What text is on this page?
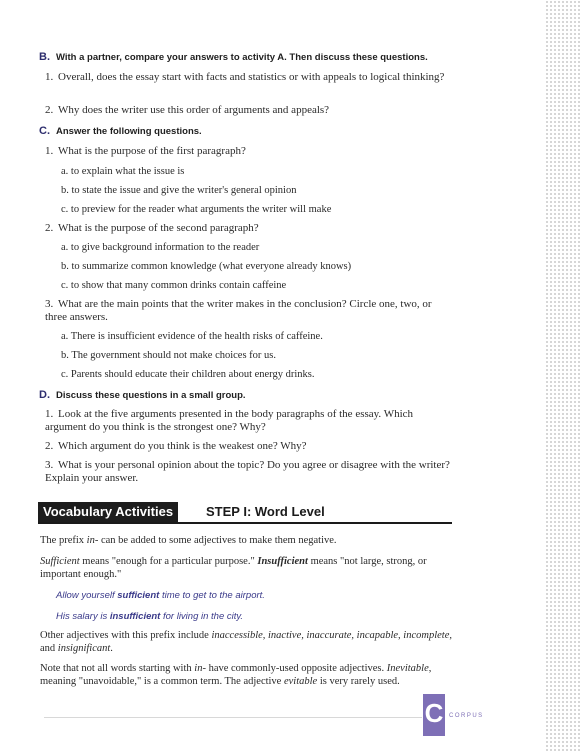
B. With a partner, compare your answers to activity A. Then discuss these questions.
1. Overall, does the essay start with facts and statistics or with appeals to logical thinking?
2. Why does the writer use this order of arguments and appeals?
C. Answer the following questions.
1. What is the purpose of the first paragraph?
a. to explain what the issue is
b. to state the issue and give the writer's general opinion
c. to preview for the reader what arguments the writer will make
2. What is the purpose of the second paragraph?
a. to give background information to the reader
b. to summarize common knowledge (what everyone already knows)
c. to show that many common drinks contain caffeine
3. What are the main points that the writer makes in the conclusion? Circle one, two, or three answers.
a. There is insufficient evidence of the health risks of caffeine.
b. The government should not make choices for us.
c. Parents should educate their children about energy drinks.
D. Discuss these questions in a small group.
1. Look at the five arguments presented in the body paragraphs of the essay. Which argument do you think is the strongest one? Why?
2. Which argument do you think is the weakest one? Why?
3. What is your personal opinion about the topic? Do you agree or disagree with the writer? Explain your answer.
Vocabulary Activities	STEP I: Word Level
The prefix in- can be added to some adjectives to make them negative.
Sufficient means "enough for a particular purpose." Insufficient means "not large, strong, or important enough."
Allow yourself sufficient time to get to the airport.
His salary is insufficient for living in the city.
Other adjectives with this prefix include inaccessible, inactive, inaccurate, incapable, incomplete, and insignificant.
Note that not all words starting with in- have commonly-used opposite adjectives. Inevitable, meaning "unavoidable," is a common term. The adjective evitable is very rarely used.
C CORPUS
